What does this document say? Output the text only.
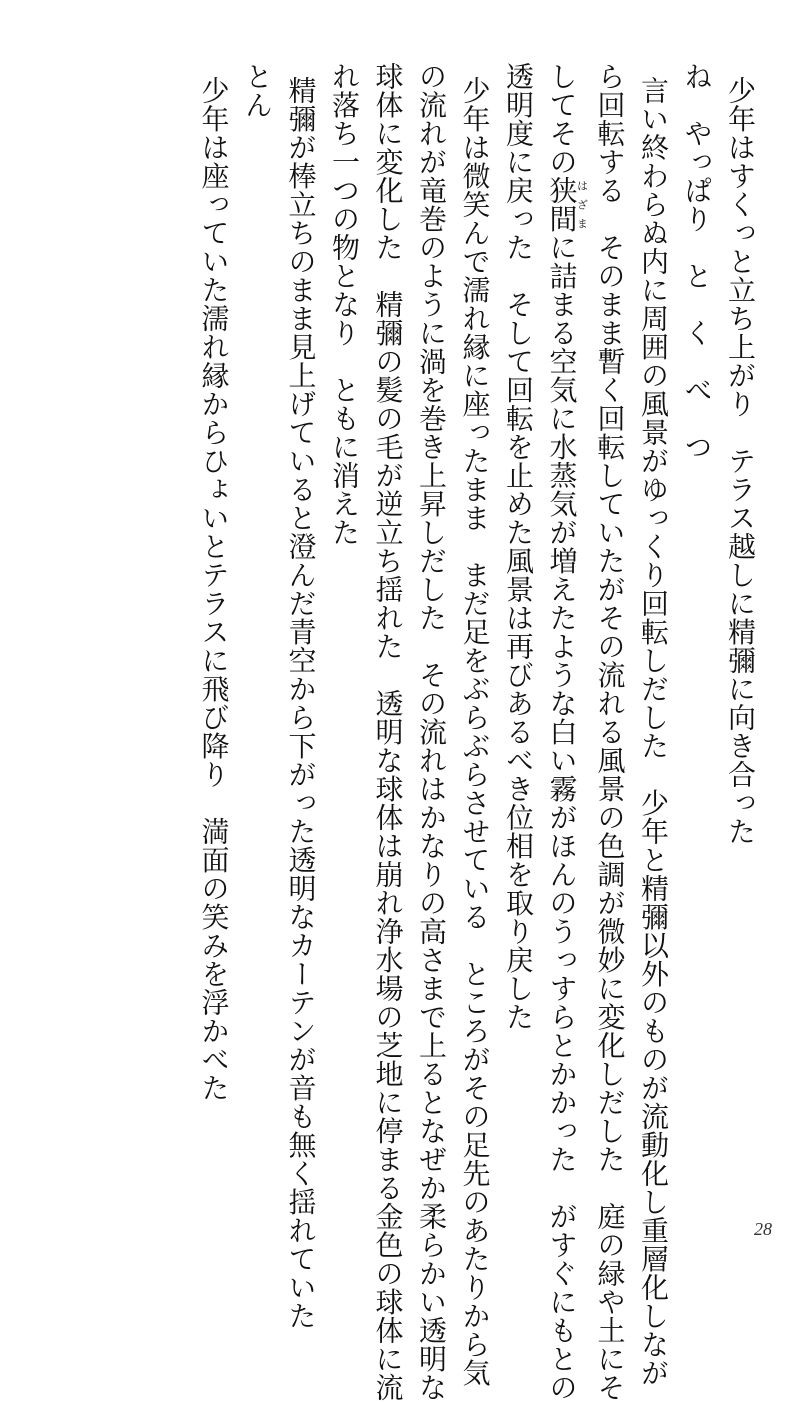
少年はすくっと立ち上がり　テラス越しに精彌に向き合った
ね　やっぱり　と　く　べ　つ
言い終わらぬ内に周囲の風景がゆっくり回転しだした　少年と精彌以外のものが流動化し重層化しなが
ら回転する　そのまま暫く回転していたがその流れる風景の色調が微妙に変化しだした　庭の緑や土にそ
してその狭間はざまに詰まる空気に水蒸気が増えたような白い霧がほんのうっすらとかかった　がすぐにもとの
透明度に戻った　そして回転を止めた風景は再びあるべき位相を取り戻した
少年は微笑んで濡れ縁に座ったまま　まだ足をぶらぶらさせている　ところがその足先のあたりから気
の流れが竜巻のように渦を巻き上昇しだした　その流れはかなりの高さまで上るとなぜか柔らかい透明な
球体に変化した　精彌の髪の毛が逆立ち揺れた　透明な球体は崩れ浄水場の芝地に停まる金色の球体に流
れ落ち一つの物となり　ともに消えた
精彌が棒立ちのまま見上げていると澄んだ青空から下がった透明なカーテンが音も無く揺れていた
とん
少年は座っていた濡れ縁からひょいとテラスに飛び降り　満面の笑みを浮かべた
28
